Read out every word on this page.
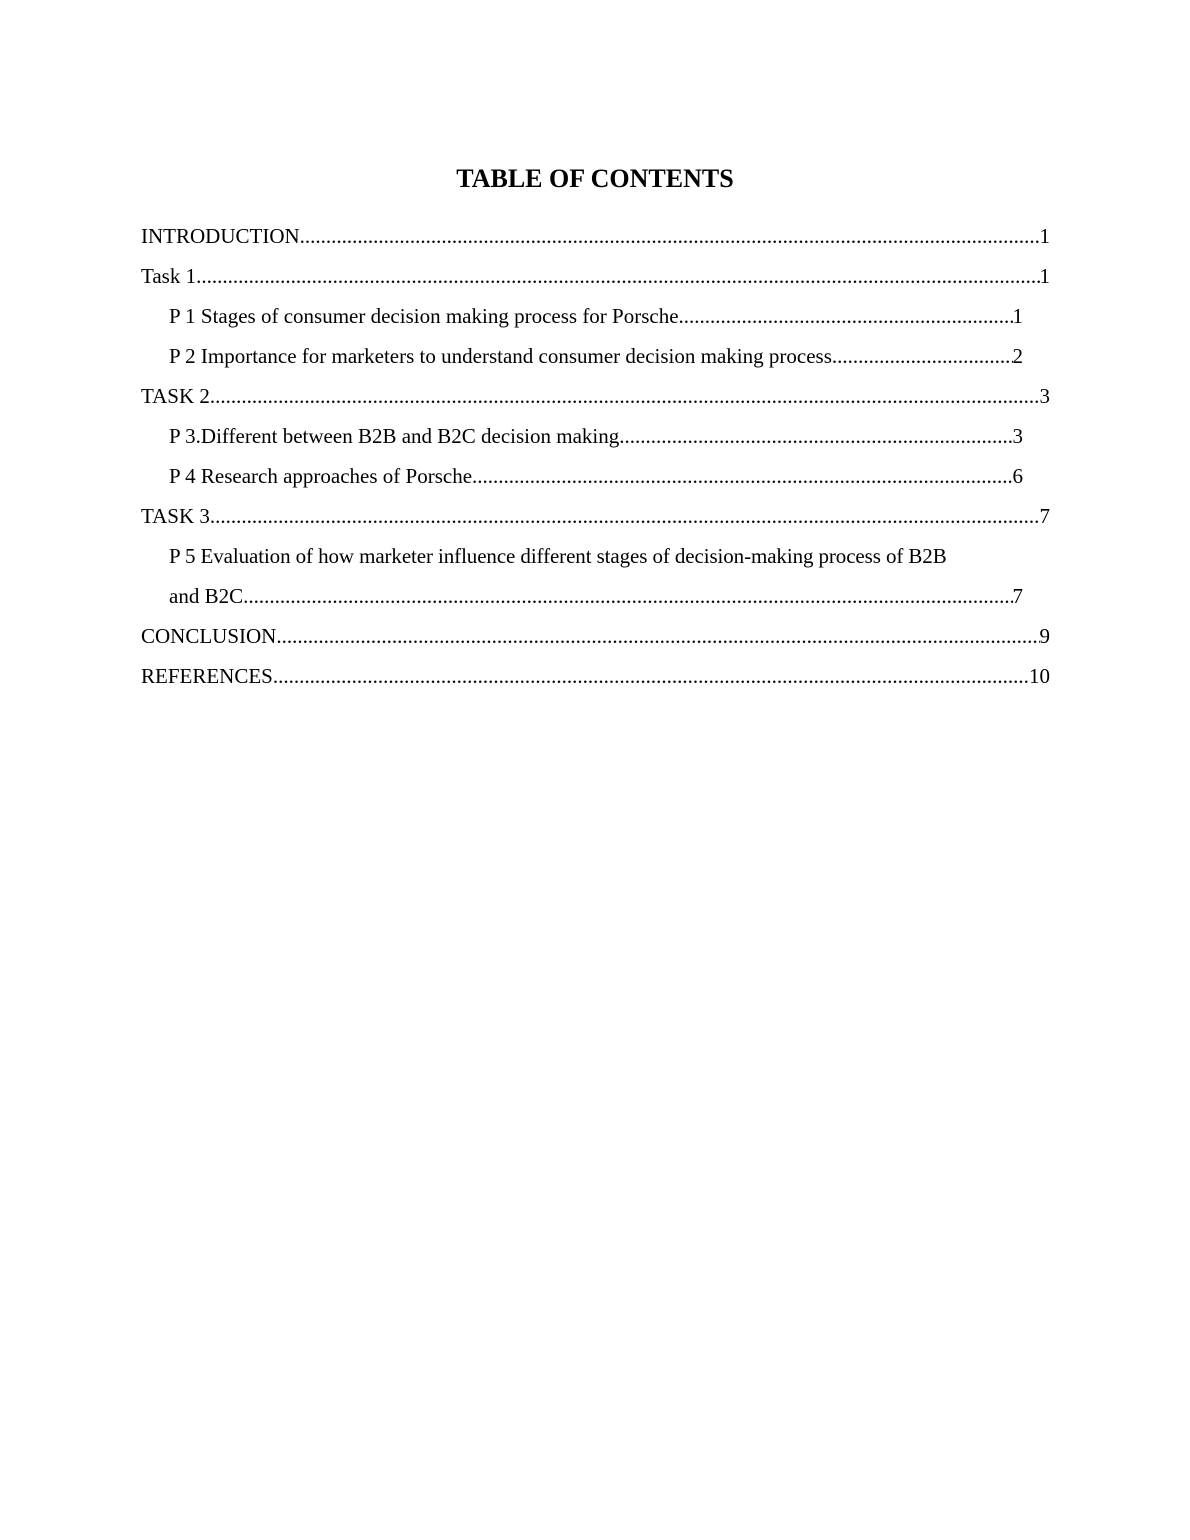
TABLE OF CONTENTS
INTRODUCTION .....	1
Task 1 .....	1
P 1 Stages of consumer decision making process for Porsche .....	1
P 2 Importance for marketers to understand consumer decision making process .....	2
TASK 2 .....	3
P 3.Different between B2B and B2C decision making .....	3
P 4 Research approaches of Porsche .....	6
TASK 3 .....	7
P 5 Evaluation of how marketer influence different stages of decision-making process of B2B
and B2C .....	7
CONCLUSION .....	9
REFERENCES .....	10
